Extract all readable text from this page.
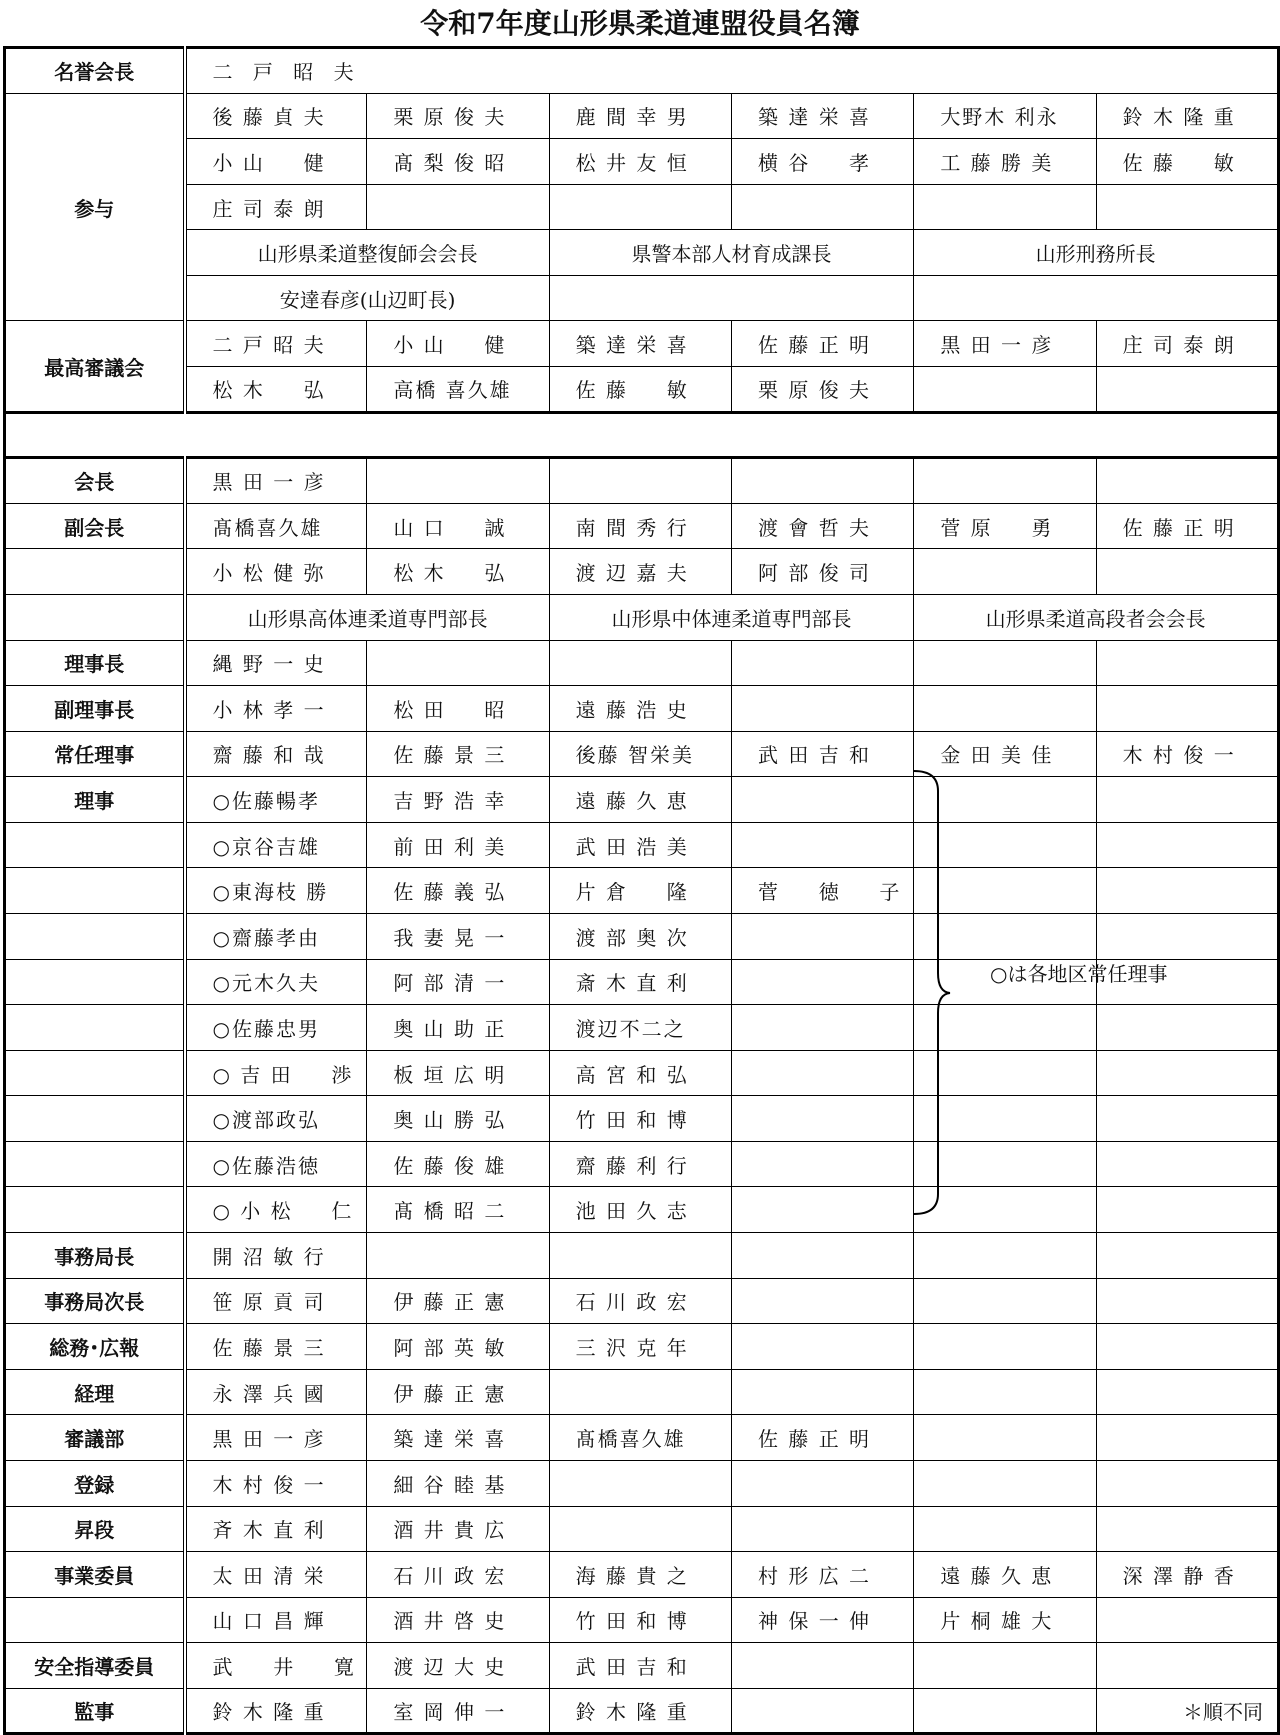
令和7年度山形県柔道連盟役員名簿
名誉会長	二 戸 昭 夫					
参与	後 藤 貞 夫	栗 原 俊 夫	鹿 間 幸 男	築 達 栄 喜	大野木 利永	鈴 木 隆 重
	小 山 　 健	髙 梨 俊 昭	松 井 友 恒	横 谷 　 孝	工 藤 勝 美	佐 藤 　 敏
	庄 司 泰 朗					
	山形県柔道整復師会会長		県警本部人材育成課長		山形刑務所長	
	安達春彦(山辺町長)					
最高審議会	二 戸 昭 夫	小 山 　 健	築 達 栄 喜	佐 藤 正 明	黒 田 一 彦	庄 司 泰 朗
	松 木 　 弘	高橋 喜久雄	佐 藤 　 敏	栗 原 俊 夫		

会長	黒 田 一 彦					
副会長	髙橋喜久雄	山 口 　 誠	南 間 秀 行	渡 會 哲 夫	菅 原 　 勇	佐 藤 正 明
	小 松 健 弥	松 木 　 弘	渡 辺 嘉 夫	阿 部 俊 司		
	山形県高体連柔道専門部長		山形県中体連柔道専門部長		山形県柔道高段者会会長	
理事長	縄 野 一 史					
副理事長	小 林 孝 一	松 田 　 昭	遠 藤 浩 史			
常任理事	齋 藤 和 哉	佐 藤 景 三	後藤 智栄美	武 田 吉 和	金 田 美 佳	木 村 俊 一
理事	○佐藤暢孝	吉 野 浩 幸	遠 藤 久 恵			
	○京谷吉雄	前 田 利 美	武 田 浩 美			
	○東海枝 勝	佐 藤 義 弘	片 倉 　 隆	菅 　 徳 　 子		
	○齋藤孝由	我 妻 晃 一	渡 部 奥 次			
	○元木久夫	阿 部 清 一	斎 木 直 利			
	○佐藤忠男	奥 山 助 正	渡辺不二之			
	○ 吉 田 　 渉	板 垣 広 明	高 宮 和 弘			
	○渡部政弘	奥 山 勝 弘	竹 田 和 博			
	○佐藤浩徳	佐 藤 俊 雄	齋 藤 利 行			
	○ 小 松 　 仁	髙 橋 昭 二	池 田 久 志			
事務局長	開 沼 敏 行					
事務局次長	笹 原 貢 司	伊 藤 正 憲	石 川 政 宏			
総務･広報	佐 藤 景 三	阿 部 英 敏	三 沢 克 年			
経理	永 澤 兵 國	伊 藤 正 憲				
審議部	黒 田 一 彦	築 達 栄 喜	髙橋喜久雄	佐 藤 正 明		
登録	木 村 俊 一	細 谷 睦 基				
昇段	斉 木 直 利	酒 井 貴 広				
事業委員	太 田 清 栄	石 川 政 宏	海 藤 貴 之	村 形 広 二	遠 藤 久 恵	深 澤 静 香
	山 口 昌 輝	酒 井 啓 史	竹 田 和 博	神 保 一 伸	片 桐 雄 大	
安全指導委員	武 　 井 　 寛	渡 辺 大 史	武 田 吉 和			
監事	鈴 木 隆 重	室 岡 伸 一	鈴 木 隆 重			＊順不同
○は各地区常任理事
